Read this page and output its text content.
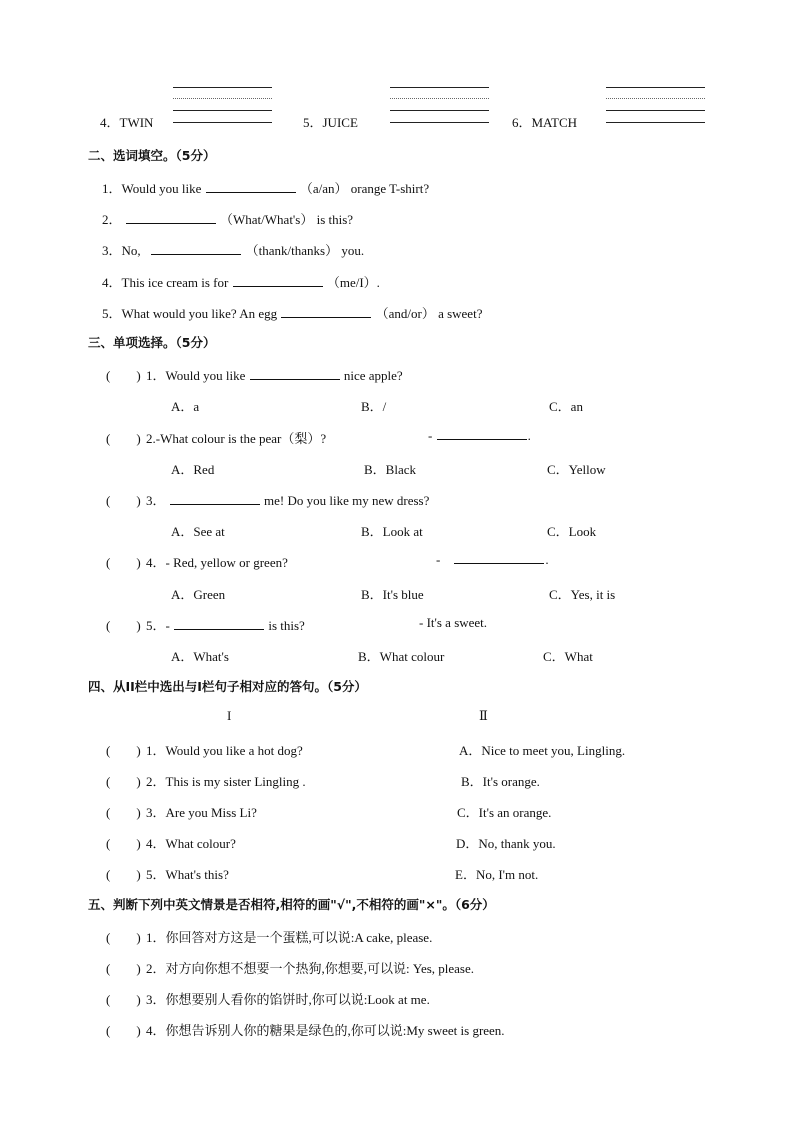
4．TWIN	5．JUICE	6．MATCH
二、选词填空。（5分）
1．Would you like	（a/an） orange T-shirt?
2．	（What/What's） is this?
3．No,	（thank/thanks） you.
4．This ice cream is for	（me/I）.
5．What would you like? An egg	（and/or） a sweet?
三、单项选择。（5分）
(　　) 1．Would you like	nice apple?
A．a	B．/	C．an
(　　) 2.-What colour is the pear（梨）?	-	.
A．Red	B．Black	C．Yellow
(　　) 3．	me! Do you like my new dress?
A．See at	B．Look at	C．Look
(　　) 4．- Red, yellow or green?	-	.
A．Green	B．It's blue	C．Yes, it is
(　　) 5．-	is this?	- It's a sweet.
A．What's	B．What colour	C．What
四、从II栏中选出与I栏句子相对应的答句。（5分）
I	Ⅱ
(　　) 1．Would you like a hot dog?	A．Nice to meet you, Lingling.
(　　) 2．This is my sister Lingling .	B．It's orange.
(　　) 3．Are you Miss Li?	C．It's an orange.
(　　) 4．What colour?	D．No, thank you.
(　　) 5．What's this?	E．No, I'm not.
五、判断下列中英文情景是否相符,相符的画"√",不相符的画"×"。（6分）
(　　) 1．你回答对方这是一个蛋糕,可以说:A cake, please.
(　　) 2．对方向你想不想要一个热狗,你想要,可以说: Yes, please.
(　　) 3．你想要别人看你的馅饼时,你可以说:Look at me.
(　　) 4．你想告诉别人你的糖果是绿色的,你可以说:My sweet is green.
